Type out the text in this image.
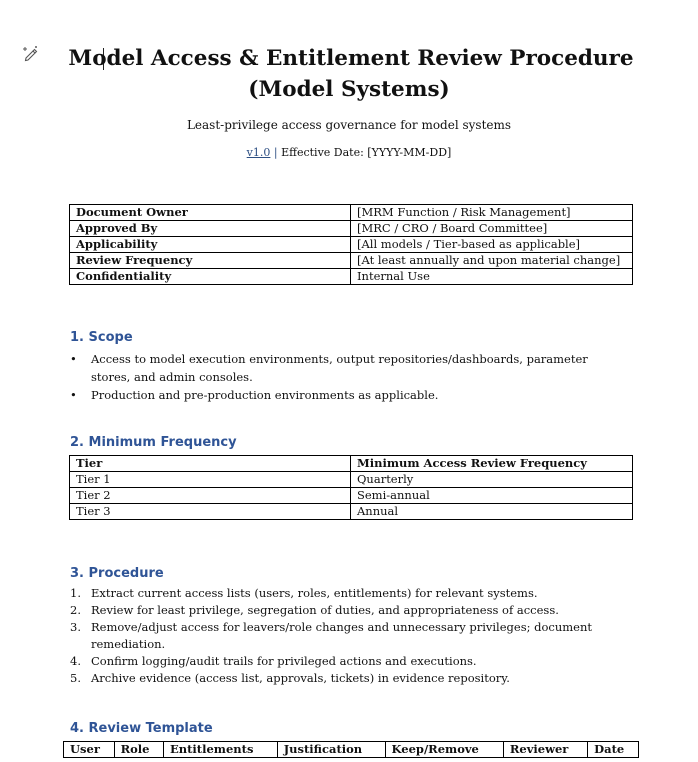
Model Access & Entitlement Review Procedure
(Model Systems)
Least-privilege access governance for model systems
v1.0 | Effective Date: [YYYY-MM-DD]
Document Owner	[MRM Function / Risk Management]
Approved By	[MRC / CRO / Board Committee]
Applicability	[All models / Tier-based as applicable]
Review Frequency	[At least annually and upon material change]
Confidentiality	Internal Use
1. Scope
• Access to model execution environments, output repositories/dashboards, parameter stores, and admin consoles.
• Production and pre-production environments as applicable.
2. Minimum Frequency
Tier	Minimum Access Review Frequency
Tier 1	Quarterly
Tier 2	Semi-annual
Tier 3	Annual
3. Procedure
1. Extract current access lists (users, roles, entitlements) for relevant systems.
2. Review for least privilege, segregation of duties, and appropriateness of access.
3. Remove/adjust access for leavers/role changes and unnecessary privileges; document remediation.
4. Confirm logging/audit trails for privileged actions and executions.
5. Archive evidence (access list, approvals, tickets) in evidence repository.
4. Review Template
User	Role	Entitlements	Justification	Keep/Remove	Reviewer	Date
